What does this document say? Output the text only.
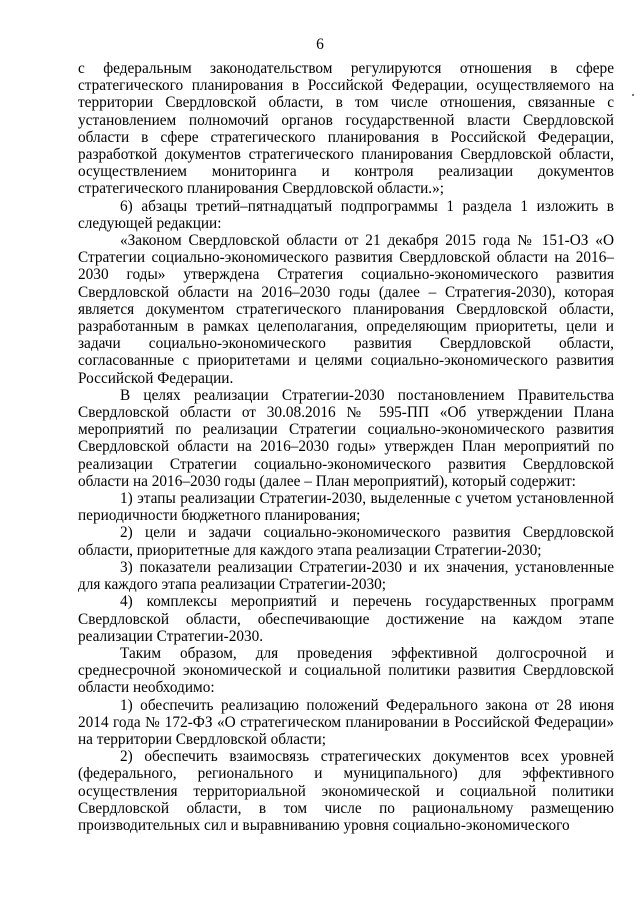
6

с федеральным законодательством регулируются отношения в сфере стратегического планирования в Российской Федерации, осуществляемого на территории Свердловской области, в том числе отношения, связанные с установлением полномочий органов государственной власти Свердловской области в сфере стратегического планирования в Российской Федерации, разработкой документов стратегического планирования Свердловской области, осуществлением мониторинга и контроля реализации документов стратегического планирования Свердловской области.»;

6) абзацы третий–пятнадцатый подпрограммы 1 раздела 1 изложить в следующей редакции:

«Законом Свердловской области от 21 декабря 2015 года № 151-ОЗ «О Стратегии социально-экономического развития Свердловской области на 2016–2030 годы» утверждена Стратегия социально-экономического развития Свердловской области на 2016–2030 годы (далее – Стратегия-2030), которая является документом стратегического планирования Свердловской области, разработанным в рамках целеполагания, определяющим приоритеты, цели и задачи социально-экономического развития Свердловской области, согласованные с приоритетами и целями социально-экономического развития Российской Федерации.

В целях реализации Стратегии-2030 постановлением Правительства Свердловской области от 30.08.2016 № 595-ПП «Об утверждении Плана мероприятий по реализации Стратегии социально-экономического развития Свердловской области на 2016–2030 годы» утвержден План мероприятий по реализации Стратегии социально-экономического развития Свердловской области на 2016–2030 годы (далее – План мероприятий), который содержит:

1) этапы реализации Стратегии-2030, выделенные с учетом установленной периодичности бюджетного планирования;

2) цели и задачи социально-экономического развития Свердловской области, приоритетные для каждого этапа реализации Стратегии-2030;

3) показатели реализации Стратегии-2030 и их значения, установленные для каждого этапа реализации Стратегии-2030;

4) комплексы мероприятий и перечень государственных программ Свердловской области, обеспечивающие достижение на каждом этапе реализации Стратегии-2030.

Таким образом, для проведения эффективной долгосрочной и среднесрочной экономической и социальной политики развития Свердловской области необходимо:

1) обеспечить реализацию положений Федерального закона от 28 июня 2014 года № 172-ФЗ «О стратегическом планировании в Российской Федерации» на территории Свердловской области;

2) обеспечить взаимосвязь стратегических документов всех уровней (федерального, регионального и муниципального) для эффективного осуществления территориальной экономической и социальной политики Свердловской области, в том числе по рациональному размещению производительных сил и выравниванию уровня социально-экономического
